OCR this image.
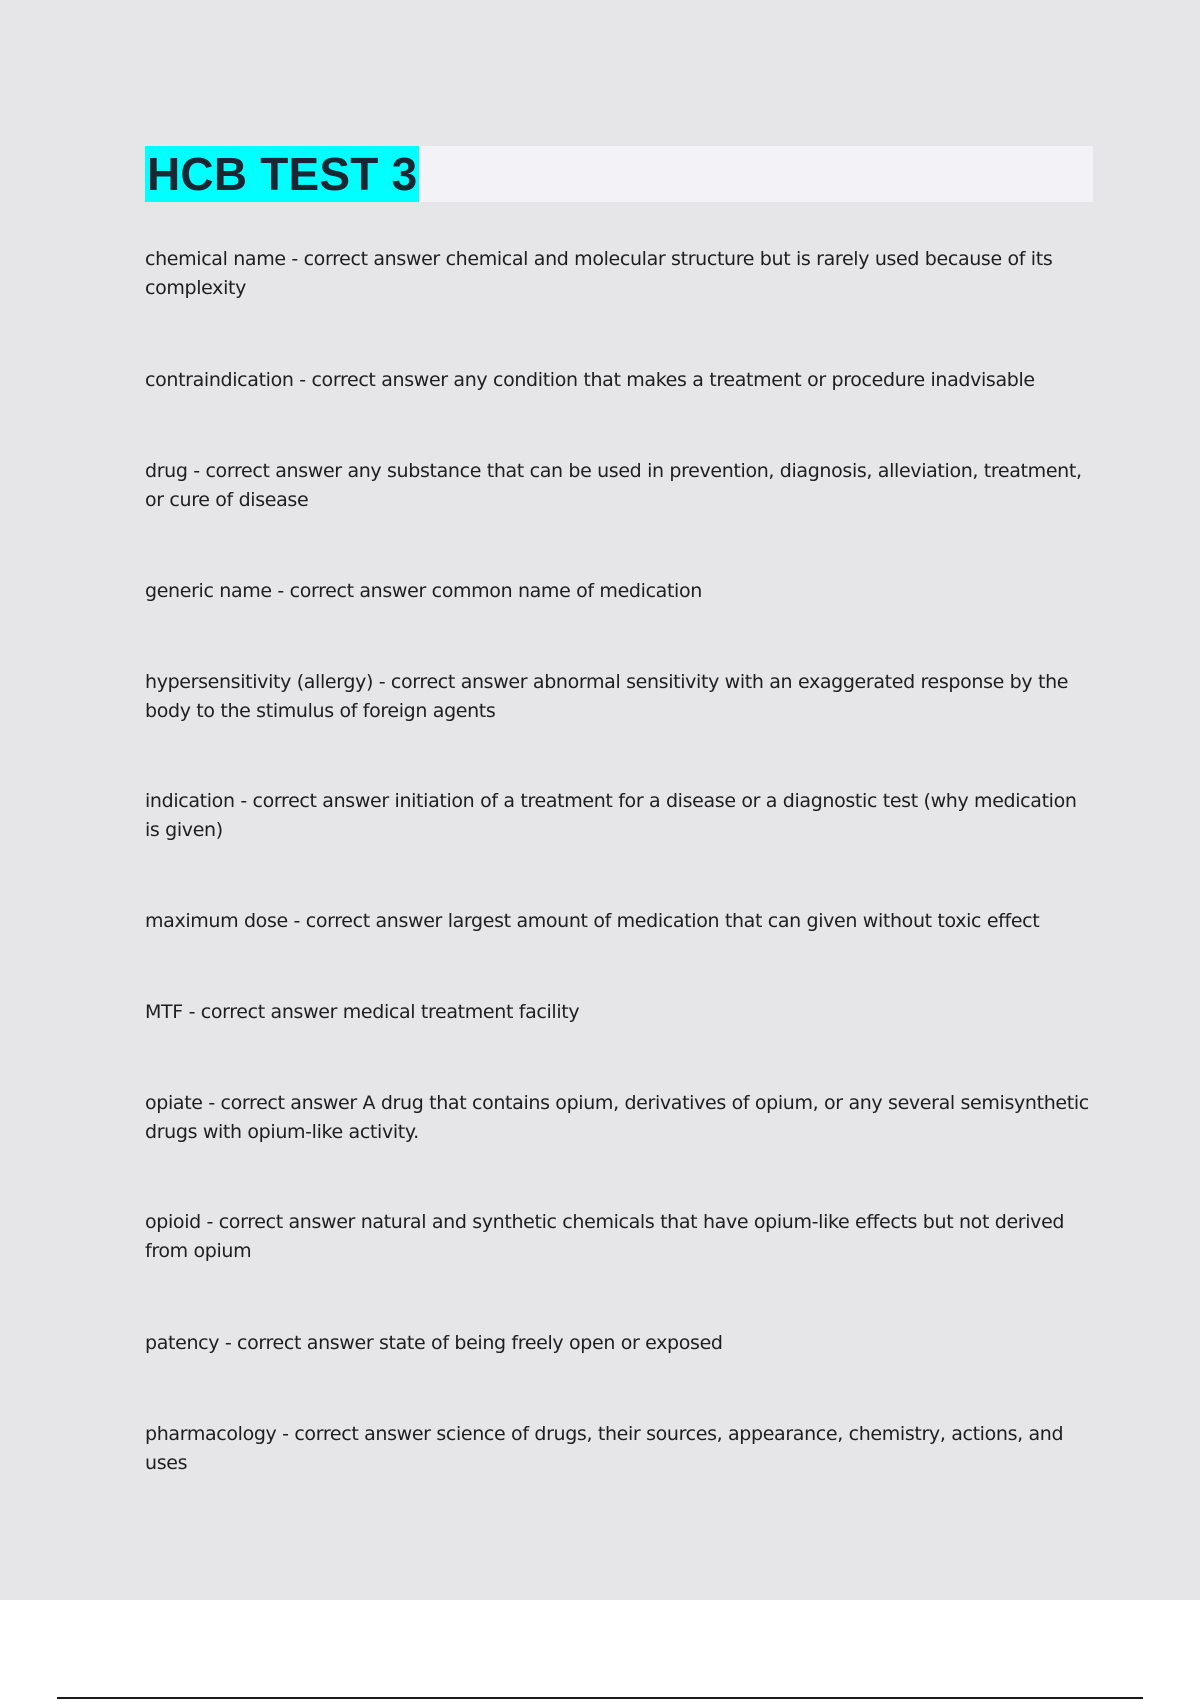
HCB TEST 3

chemical name - correct answer chemical and molecular structure but is rarely used because of its complexity

contraindication - correct answer any condition that makes a treatment or procedure inadvisable

drug - correct answer any substance that can be used in prevention, diagnosis, alleviation, treatment, or cure of disease

generic name - correct answer common name of medication

hypersensitivity (allergy) - correct answer abnormal sensitivity with an exaggerated response by the body to the stimulus of foreign agents

indication - correct answer initiation of a treatment for a disease or a diagnostic test (why medication is given)

maximum dose - correct answer largest amount of medication that can given without toxic effect

MTF - correct answer medical treatment facility

opiate - correct answer A drug that contains opium, derivatives of opium, or any several semisynthetic drugs with opium-like activity.

opioid - correct answer natural and synthetic chemicals that have opium-like effects but not derived from opium

patency - correct answer state of being freely open or exposed

pharmacology - correct answer science of drugs, their sources, appearance, chemistry, actions, and uses
